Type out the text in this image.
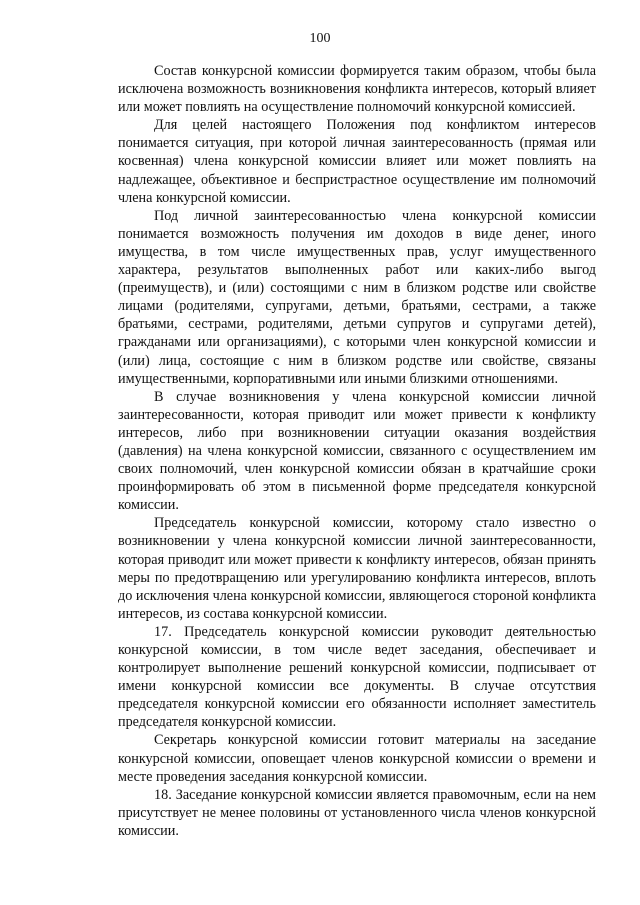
100

Состав конкурсной комиссии формируется таким образом, чтобы была исключена возможность возникновения конфликта интересов, который влияет или может повлиять на осуществление полномочий конкурсной комиссией.

Для целей настоящего Положения под конфликтом интересов понимается ситуация, при которой личная заинтересованность (прямая или косвенная) члена конкурсной комиссии влияет или может повлиять на надлежащее, объективное и беспристрастное осуществление им полномочий члена конкурсной комиссии.

Под личной заинтересованностью члена конкурсной комиссии понимается возможность получения им доходов в виде денег, иного имущества, в том числе имущественных прав, услуг имущественного характера, результатов выполненных работ или каких-либо выгод (преимуществ), и (или) состоящими с ним в близком родстве или свойстве лицами (родителями, супругами, детьми, братьями, сестрами, а также братьями, сестрами, родителями, детьми супругов и супругами детей), гражданами или организациями), с которыми член конкурсной комиссии и (или) лица, состоящие с ним в близком родстве или свойстве, связаны имущественными, корпоративными или иными близкими отношениями.

В случае возникновения у члена конкурсной комиссии личной заинтересованности, которая приводит или может привести к конфликту интересов, либо при возникновении ситуации оказания воздействия (давления) на члена конкурсной комиссии, связанного с осуществлением им своих полномочий, член конкурсной комиссии обязан в кратчайшие сроки проинформировать об этом в письменной форме председателя конкурсной комиссии.

Председатель конкурсной комиссии, которому стало известно о возникновении у члена конкурсной комиссии личной заинтересованности, которая приводит или может привести к конфликту интересов, обязан принять меры по предотвращению или урегулированию конфликта интересов, вплоть до исключения члена конкурсной комиссии, являющегося стороной конфликта интересов, из состава конкурсной комиссии.

17. Председатель конкурсной комиссии руководит деятельностью конкурсной комиссии, в том числе ведет заседания, обеспечивает и контролирует выполнение решений конкурсной комиссии, подписывает от имени конкурсной комиссии все документы. В случае отсутствия председателя конкурсной комиссии его обязанности исполняет заместитель председателя конкурсной комиссии.

Секретарь конкурсной комиссии готовит материалы на заседание конкурсной комиссии, оповещает членов конкурсной комиссии о времени и месте проведения заседания конкурсной комиссии.

18. Заседание конкурсной комиссии является правомочным, если на нем присутствует не менее половины от установленного числа членов конкурсной комиссии.
